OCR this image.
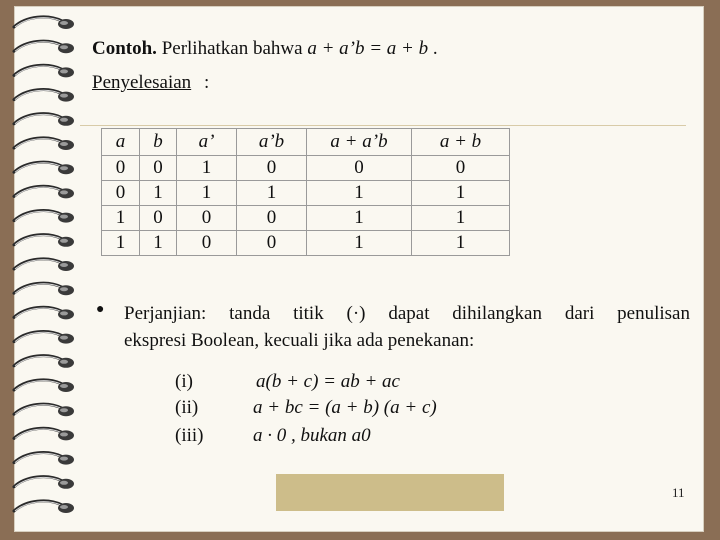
Contoh. Perlihatkan bahwa a + a’b = a + b .
Penyelesaian :
a	b	a’	a’b	a + a’b	a + b
0	0	1	0	0	0
0	1	1	1	1	1
1	0	0	0	1	1
1	1	0	0	1	1
● Perjanjian: tanda titik (·) dapat dihilangkan dari penulisan
ekspresi Boolean, kecuali jika ada penekanan:
(i)	a(b + c) = ab + ac
(ii)	a + bc = (a + b) (a + c)
(iii)	a · 0 , bukan a0
11
